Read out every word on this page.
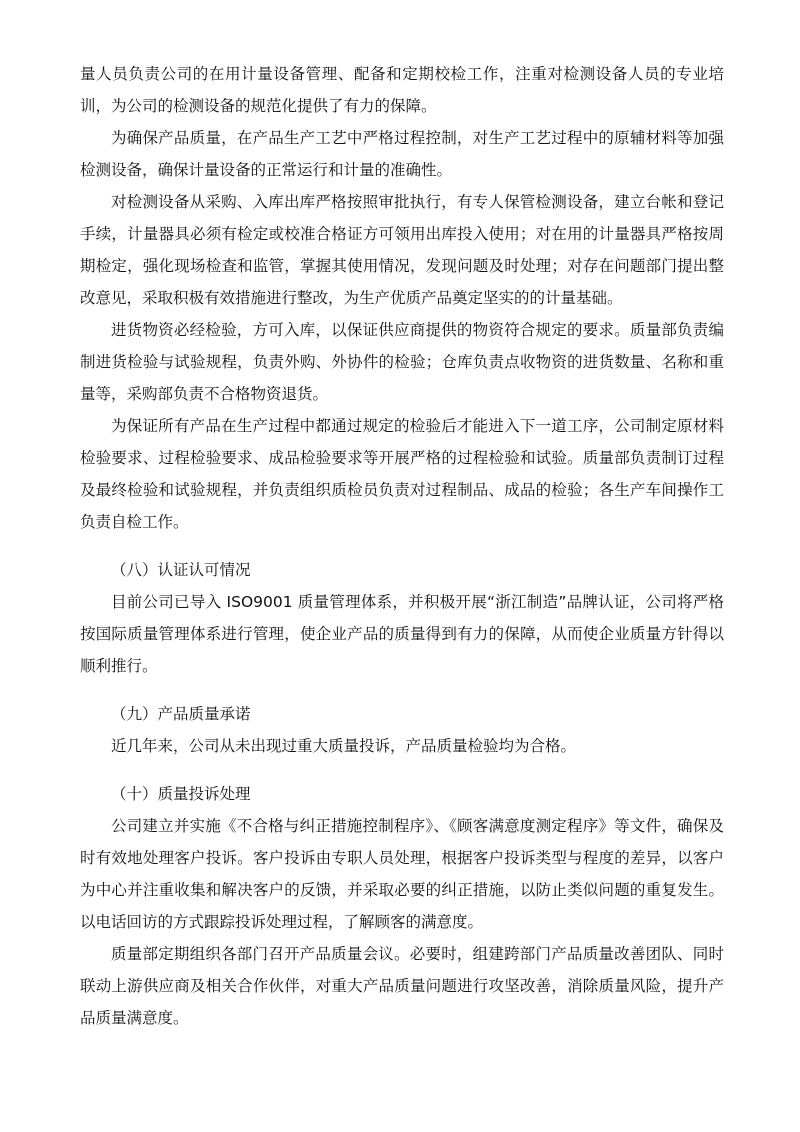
量人员负责公司的在用计量设备管理、配备和定期校检工作，注重对检测设备人员的专业培训，为公司的检测设备的规范化提供了有力的保障。

为确保产品质量，在产品生产工艺中严格过程控制，对生产工艺过程中的原辅材料等加强检测设备，确保计量设备的正常运行和计量的准确性。

对检测设备从采购、入库出库严格按照审批执行，有专人保管检测设备，建立台帐和登记手续，计量器具必须有检定或校准合格证方可领用出库投入使用；对在用的计量器具严格按周期检定，强化现场检查和监管，掌握其使用情况，发现问题及时处理；对存在问题部门提出整改意见，采取积极有效措施进行整改，为生产优质产品奠定坚实的的计量基础。

进货物资必经检验，方可入库，以保证供应商提供的物资符合规定的要求。质量部负责编制进货检验与试验规程，负责外购、外协件的检验；仓库负责点收物资的进货数量、名称和重量等，采购部负责不合格物资退货。

为保证所有产品在生产过程中都通过规定的检验后才能进入下一道工序，公司制定原材料检验要求、过程检验要求、成品检验要求等开展严格的过程检验和试验。质量部负责制订过程及最终检验和试验规程，并负责组织质检员负责对过程制品、成品的检验；各生产车间操作工负责自检工作。

（八）认证认可情况

目前公司已导入 ISO9001 质量管理体系，并积极开展“浙江制造”品牌认证，公司将严格按国际质量管理体系进行管理，使企业产品的质量得到有力的保障，从而使企业质量方针得以顺利推行。

（九）产品质量承诺

近几年来，公司从未出现过重大质量投诉，产品质量检验均为合格。

（十）质量投诉处理

公司建立并实施《不合格与纠正措施控制程序》、《顾客满意度测定程序》等文件，确保及时有效地处理客户投诉。客户投诉由专职人员处理，根据客户投诉类型与程度的差异，以客户为中心并注重收集和解决客户的反馈，并采取必要的纠正措施，以防止类似问题的重复发生。以电话回访的方式跟踪投诉处理过程，了解顾客的满意度。

质量部定期组织各部门召开产品质量会议。必要时，组建跨部门产品质量改善团队、同时联动上游供应商及相关合作伙伴，对重大产品质量问题进行攻坚改善，消除质量风险，提升产品质量满意度。
